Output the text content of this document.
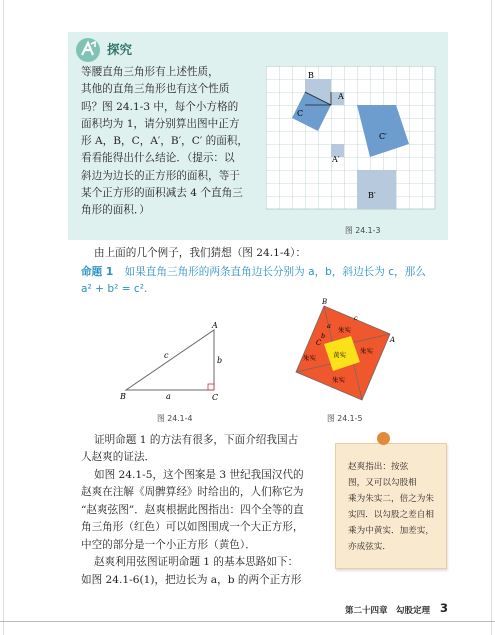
探究

等腰直角三角形有上述性质，
其他的直角三角形也有这个性质
吗？图 24.1-3 中，每个小方格的
面积均为 1，请分别算出图中正方
形 A，B，C，A′，B′，C′ 的面积，
看看能得出什么结论．（提示：以
斜边为边长的正方形的面积，等于
某个正方形的面积减去 4 个直角三
角形的面积．）

B
A
C
C′
A′
B′
图 24.1-3

由上面的几个例子，我们猜想（图 24.1-4）：

命题 1 如果直角三角形的两条直角边长分别为 a，b，斜边长为 c，那么
a² + b² = c².

A
B	C
a
b
c
图 24.1-4
B
A
C
a
b
c
朱实
朱实
朱实
朱实
黄实
图 24.1-5

证明命题 1 的方法有很多，下面介绍我国古

人赵爽的证法．

如图 24.1-5，这个图案是 3 世纪我国汉代的

赵爽在注解《周髀算经》时给出的，人们称它为

“赵爽弦图”．赵爽根据此图指出：四个全等的直

角三角形（红色）可以如图围成一个大正方形，

中空的部分是一个小正方形（黄色）．

赵爽利用弦图证明命题 1 的基本思路如下：

如图 24.1-6(1)，把边长为 a，b 的两个正方形

赵爽指出：按弦
图，又可以勾股相
乘为朱实二，倍之为朱
实四．以勾股之差自相
乘为中黄实．加差实，
亦成弦实．

第二十四章　勾股定理 3
